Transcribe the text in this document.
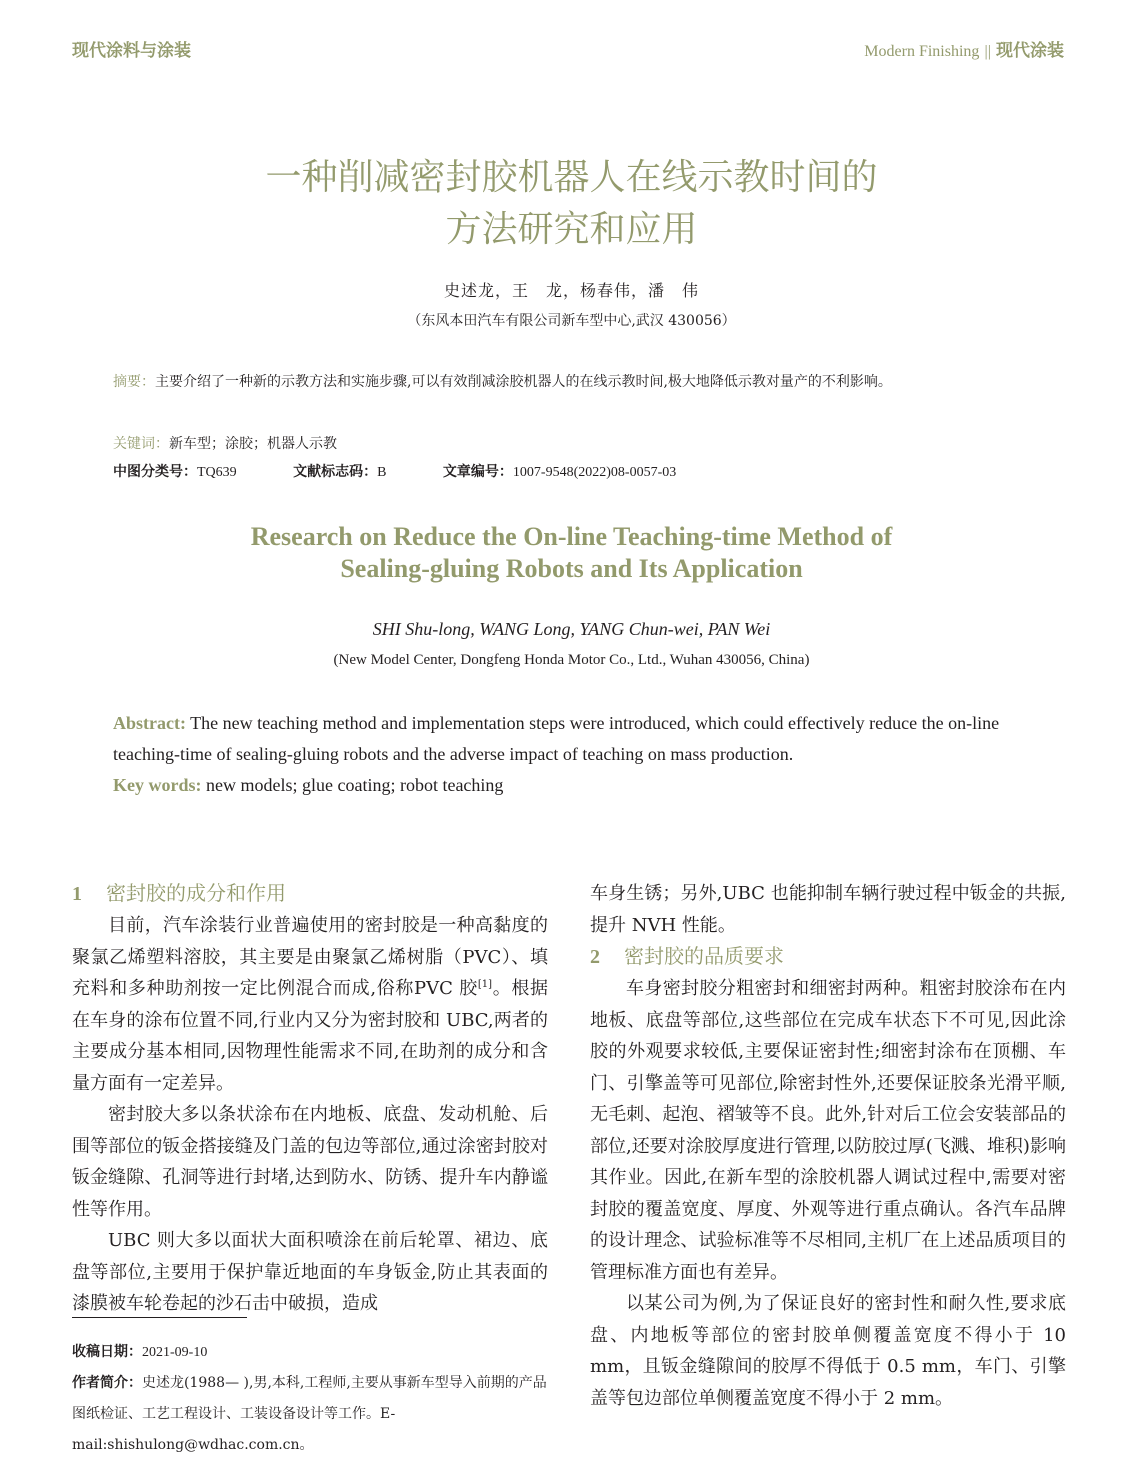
现代涂料与涂装	Modern Finishing || 现代涂装
一种削减密封胶机器人在线示教时间的
方法研究和应用
史述龙，王　龙，杨春伟，潘　伟
（东风本田汽车有限公司新车型中心,武汉 430056）
摘要：主要介绍了一种新的示教方法和实施步骤,可以有效削减涂胶机器人的在线示教时间,极大地降低示教对量产的不利影响。
关键词：新车型；涂胶；机器人示教
中图分类号：TQ639	文献标志码：B	文章编号：1007-9548(2022)08-0057-03
Research on Reduce the On-line Teaching-time Method of
Sealing-gluing Robots and Its Application
SHI Shu-long, WANG Long, YANG Chun-wei, PAN Wei
(New Model Center, Dongfeng Honda Motor Co., Ltd., Wuhan 430056, China)
Abstract: The new teaching method and implementation steps were introduced, which could effectively reduce the on-line teaching-time of sealing-gluing robots and the adverse impact of teaching on mass production.
Key words: new models; glue coating; robot teaching
1 密封胶的成分和作用

目前，汽车涂装行业普遍使用的密封胶是一种高黏度的聚氯乙烯塑料溶胶，其主要是由聚氯乙烯树脂（PVC）、填充料和多种助剂按一定比例混合而成,俗称PVC 胶[1]。根据在车身的涂布位置不同,行业内又分为密封胶和 UBC,两者的主要成分基本相同,因物理性能需求不同,在助剂的成分和含量方面有一定差异。

密封胶大多以条状涂布在内地板、底盘、发动机舱、后围等部位的钣金搭接缝及门盖的包边等部位,通过涂密封胶对钣金缝隙、孔洞等进行封堵,达到防水、防锈、提升车内静谧性等作用。

UBC 则大多以面状大面积喷涂在前后轮罩、裙边、底盘等部位,主要用于保护靠近地面的车身钣金,防止其表面的漆膜被车轮卷起的沙石击中破损，造成

收稿日期：2021-09-10
作者简介：史述龙(1988— ),男,本科,工程师,主要从事新车型导入前期的产品图纸检证、工艺工程设计、工装设备设计等工作。E-mail:shishulong@wdhac.com.cn。

车身生锈；另外,UBC 也能抑制车辆行驶过程中钣金的共振,提升 NVH 性能。

2 密封胶的品质要求

车身密封胶分粗密封和细密封两种。粗密封胶涂布在内地板、底盘等部位,这些部位在完成车状态下不可见,因此涂胶的外观要求较低,主要保证密封性;细密封涂布在顶棚、车门、引擎盖等可见部位,除密封性外,还要保证胶条光滑平顺,无毛刺、起泡、褶皱等不良。此外,针对后工位会安装部品的部位,还要对涂胶厚度进行管理,以防胶过厚(飞溅、堆积)影响其作业。因此,在新车型的涂胶机器人调试过程中,需要对密封胶的覆盖宽度、厚度、外观等进行重点确认。各汽车品牌的设计理念、试验标准等不尽相同,主机厂在上述品质项目的管理标准方面也有差异。

以某公司为例,为了保证良好的密封性和耐久性,要求底盘、内地板等部位的密封胶单侧覆盖宽度不得小于 10 mm，且钣金缝隙间的胶厚不得低于 0.5 mm，车门、引擎盖等包边部位单侧覆盖宽度不得小于 2 mm。
